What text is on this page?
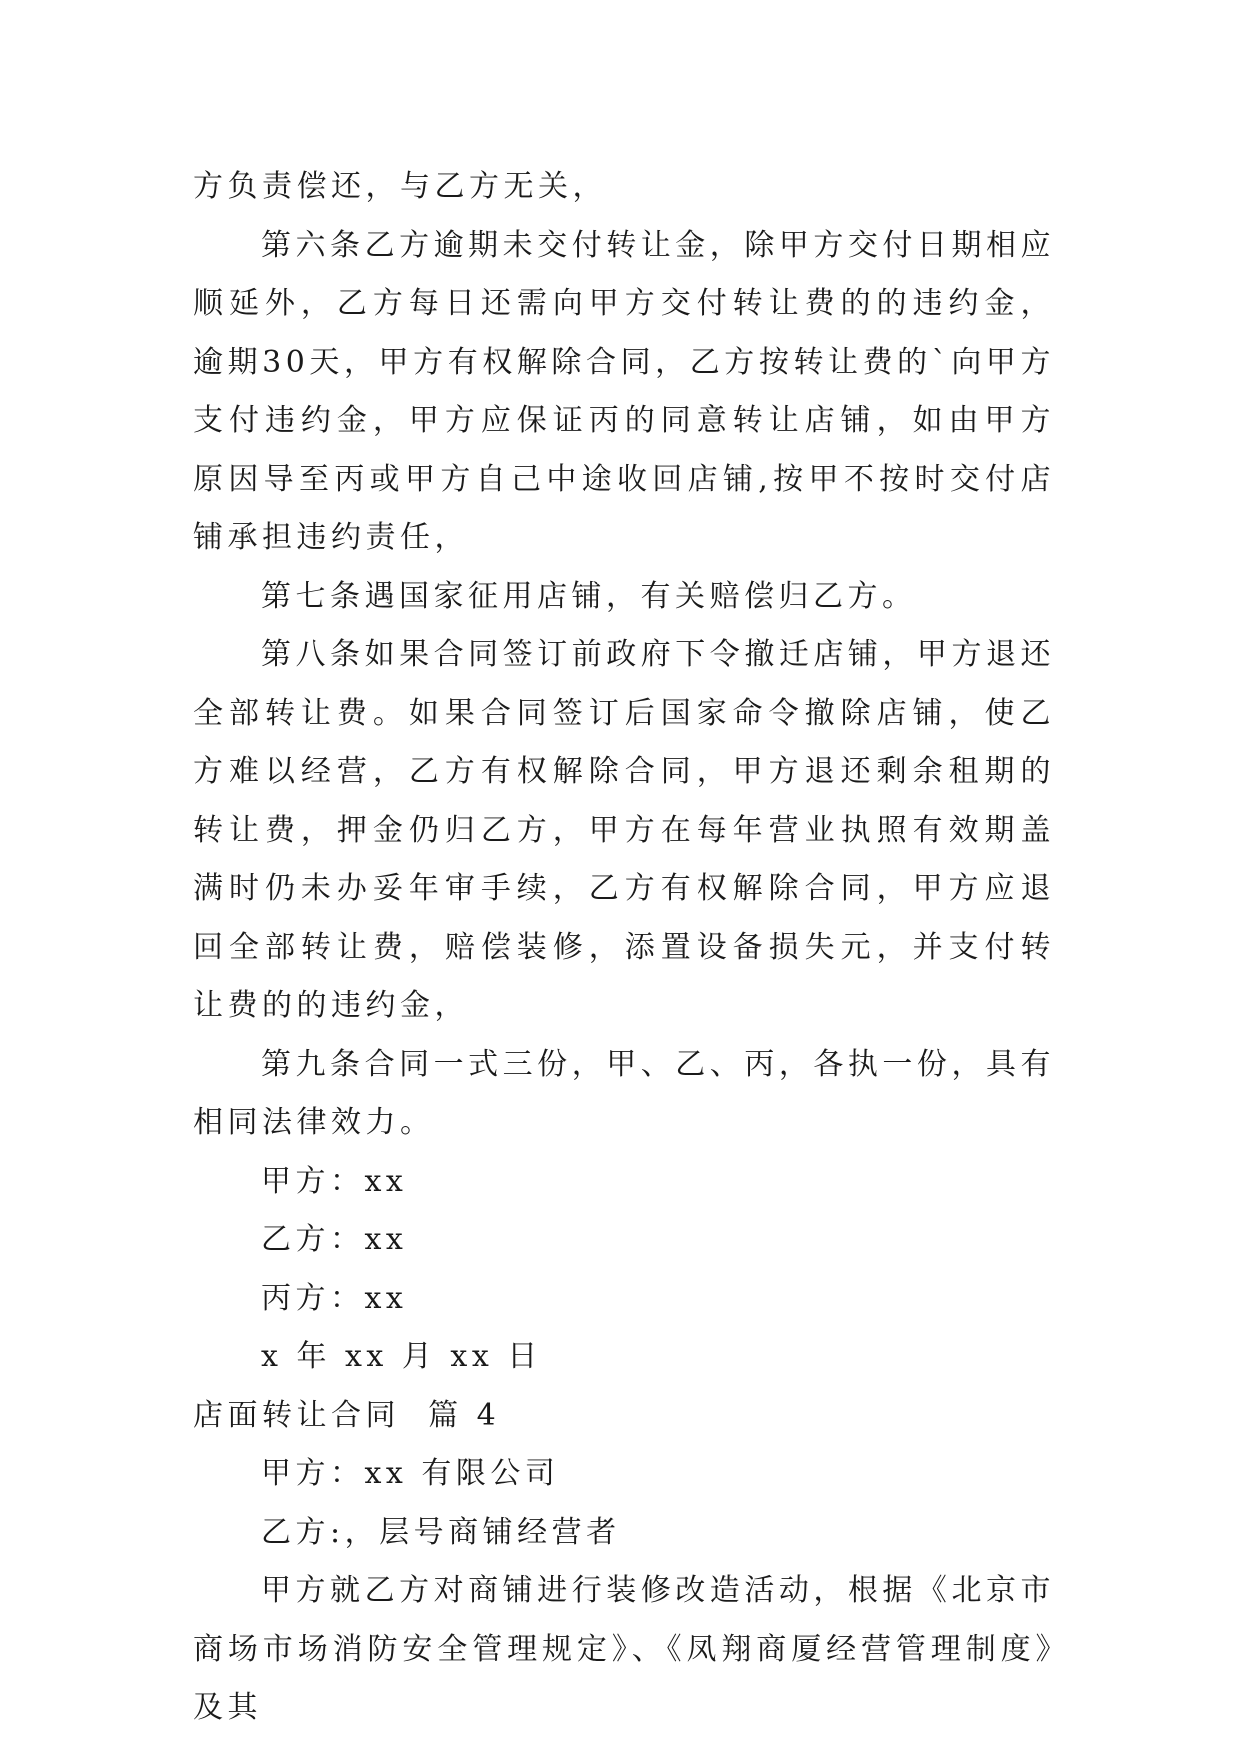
方负责偿还，与乙方无关，

第六条乙方逾期未交付转让金，除甲方交付日期相应顺延外，乙方每日还需向甲方交付转让费的的违约金，逾期30天，甲方有权解除合同，乙方按转让费的`向甲方支付违约金，甲方应保证丙的同意转让店铺，如由甲方原因导至丙或甲方自己中途收回店铺,按甲不按时交付店铺承担违约责任，

第七条遇国家征用店铺，有关赔偿归乙方。

第八条如果合同签订前政府下令撤迁店铺，甲方退还全部转让费。如果合同签订后国家命令撤除店铺，使乙方难以经营，乙方有权解除合同，甲方退还剩余租期的转让费，押金仍归乙方，甲方在每年营业执照有效期盖满时仍未办妥年审手续，乙方有权解除合同，甲方应退回全部转让费，赔偿装修，添置设备损失元，并支付转让费的的违约金，

第九条合同一式三份，甲、乙、丙，各执一份，具有相同法律效力。

甲方：xx

乙方：xx

丙方：xx

x 年 xx 月 xx 日

店面转让合同  篇 4

甲方：xx 有限公司

乙方:，层号商铺经营者

甲方就乙方对商铺进行装修改造活动，根据《北京市商场市场消防安全管理规定》、《凤翔商厦经营管理制度》及其
